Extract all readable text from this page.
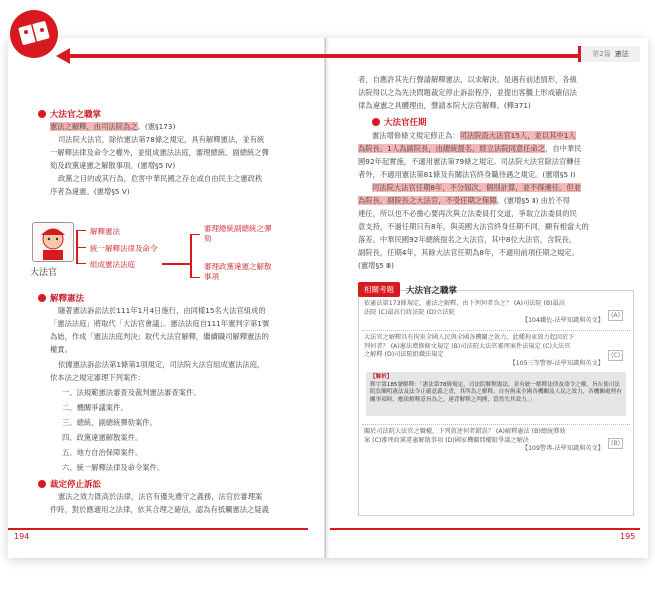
第2篇 憲法
大法官之職掌
憲法之解釋，由司法院為之。(憲§173)
司法院大法官，除依憲法第78條之規定，具有解釋憲法，並有統
一解釋法律及命令之權外，並組成憲法法庭，審理總統、副總統之彈
劾及政黨違憲之解散事項。(憲增§5 Ⅳ)
政黨之目的或其行為，危害中華民國之存在或自由民主之憲政秩
序者為違憲。(憲增§5 Ⅴ)
大法官
解釋憲法
統一解釋法律及命令
組成憲法法庭
審理總統副總統之彈劾
審理政黨違憲之解散事項
解釋憲法
隨著憲法訴訟法於111年1月4日施行，由同樣15名大法官組成的
「憲法法庭」將取代「大法官會議」。憲法法庭自111年憲判字第1號
為始，作成「憲法法庭判決」取代大法官解釋，繼續職司解釋憲法的
權責。
依據憲法訴訟法第1條第1項規定，司法院大法官組成憲法法庭，
依本法之規定審理下列案件：
一、法規範憲法審查及裁判憲法審查案件。
二、機關爭議案件。
三、總統、副總統彈劾案件。
四、政黨違憲解散案件。
五、地方自治保障案件。
六、統一解釋法律及命令案件。
裁定停止訴訟
憲法之效力既高於法律，法官有優先遵守之義務，法官於審理案
件時，對於應適用之法律，依其合理之確信，認為有抵觸憲法之疑義
194
者，自應許其先行聲請解釋憲法，以求解決。是遇有前述情形，各級
法院得以之為先決問題裁定停止訴訟程序，並提出客觀上形成確信法
律為違憲之具體理由，聲請本院大法官解釋。(釋371)
大法官任期
憲法增修條文規定修正為：司法院設大法官15人，並以其中1人
為院長、1人為副院長，由總統提名，經立法院同意任命之，自中華民
國92年起實施，不適用憲法第79條之規定。司法院大法官除法官轉任
者外，不適用憲法第81條及有關法官終身職待遇之規定。(憲增§5 Ⅰ)
司法院大法官任期8年，不分屆次，個別計算，並不得連任。但並
為院長、副院長之大法官，不受任期之保障。(憲增§5 Ⅱ) 由於不得
連任，所以也不必擔心要再次與立法委員打交道，爭取立法委員的民
意支持，不過任期只有8年，與美國大法官終身任期不同，顯有相當大的
落差。中華民國92年總統提名之大法官，其中8位大法官，含院長、
副院長，任期4年，其餘大法官任期為8年，不適用前項任期之規定。
(憲增§5 Ⅲ)
相關考題	大法官之職掌
依憲法第173條規定，憲法之解釋，由下列何者為之？ (A)司法院 (B)最高
法院 (C)最高行政法院 (D)立法院
【104鐵佐-法學知識與英文】
(A)
大法官之解釋具有拘束全國人民與全國各機關之效力，此種拘束效力起因於下
列何者？ (A)憲法增修條文規定 (B)司法院大法官審理案件法規定 (C)大法官
之解釋 (D)司法院組織法規定
【105三等警察-法學知識與英文】
(C)
【解析】
釋字第185號解釋：「憲法第78條規定，司法院解釋憲法，並有統一解釋法律及命令之權，旨在使司法院負闡明憲法及法令正確意義之責，其所為之解釋，自有拘束全國各機關及人民之效力，各機關處理有關事項時，應依解釋意旨為之，違背解釋之判例，當然失其效力。」
關於司法院大法官之職權，下列敘述何者錯誤？ (A)解釋憲法 (B)總統彈劾
案 (C)審理政黨違憲解散事項 (D)國家機關間權限爭議之解決
【109警專-法學知識與英文】
(B)
195
